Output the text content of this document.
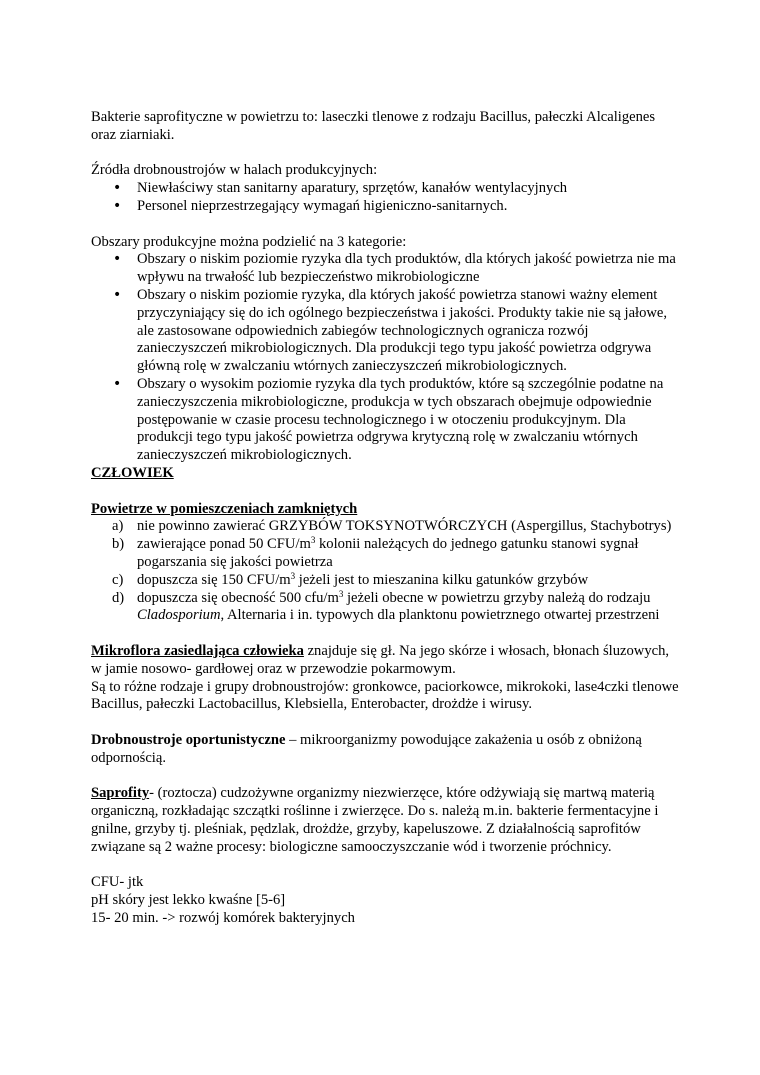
Bakterie saprofityczne w powietrzu to: laseczki tlenowe z rodzaju Bacillus, pałeczki Alcaligenes oraz ziarniaki.

Źródła drobnoustrojów w halach produkcyjnych:

• Niewłaściwy stan sanitarny aparatury, sprzętów, kanałów wentylacyjnych
• Personel nieprzestrzegający wymagań higieniczno-sanitarnych.

Obszary produkcyjne można podzielić na 3 kategorie:

• Obszary o niskim poziomie ryzyka dla tych produktów, dla których jakość powietrza nie ma wpływu na trwałość lub bezpieczeństwo mikrobiologiczne
• Obszary o niskim poziomie ryzyka, dla których jakość powietrza stanowi ważny element przyczyniający się do ich ogólnego bezpieczeństwa i jakości. Produkty takie nie są jałowe, ale zastosowane odpowiednich zabiegów technologicznych ogranicza rozwój zanieczyszczeń mikrobiologicznych. Dla produkcji tego typu jakość powietrza odgrywa główną rolę w zwalczaniu wtórnych zanieczyszczeń mikrobiologicznych.
• Obszary o wysokim poziomie ryzyka dla tych produktów, które są szczególnie podatne na zanieczyszczenia mikrobiologiczne, produkcja w tych obszarach obejmuje odpowiednie postępowanie w czasie procesu technologicznego i w otoczeniu produkcyjnym. Dla produkcji tego typu jakość powietrza odgrywa krytyczną rolę w zwalczaniu wtórnych zanieczyszczeń mikrobiologicznych.

CZŁOWIEK

Powietrze w pomieszczeniach zamkniętych

a) nie powinno zawierać GRZYBÓW TOKSYNOTWÓRCZYCH (Aspergillus, Stachybotrys)
b) zawierające ponad 50 CFU/$m^3$ kolonii należących do jednego gatunku stanowi sygnał pogarszania się jakości powietrza
c) dopuszcza się 150 CFU/$m^3$ jeżeli jest to mieszanina kilku gatunków grzybów
d) dopuszcza się obecność 500 cfu/$m^3$ jeżeli obecne w powietrzu grzyby należą do rodzaju Cladosporium, Alternaria i in. typowych dla planktonu powietrznego otwartej przestrzeni

Mikroflora zasiedlająca człowieka znajduje się gł. Na jego skórze i włosach, błonach śluzowych, w jamie nosowo- gardłowej oraz w przewodzie pokarmowym.

Są to różne rodzaje i grupy drobnoustrojów: gronkowce, paciorkowce, mikrokoki, lase4czki tlenowe Bacillus, pałeczki Lactobacillus, Klebsiella, Enterobacter, drożdże i wirusy.

Drobnoustroje oportunistyczne – mikroorganizmy powodujące zakażenia u osób z obniżoną odpornością.

Saprofity- (roztocza) cudzożywne organizmy niezwierzęce, które odżywiają się martwą materią organiczną, rozkładając szczątki roślinne i zwierzęce. Do s. należą m.in. bakterie fermentacyjne i gnilne, grzyby tj. pleśniak, pędzlak, drożdże, grzyby, kapeluszowe. Z działalnością saprofitów związane są 2 ważne procesy: biologiczne samooczyszczanie wód i tworzenie próchnicy.

CFU- jtk

pH skóry jest lekko kwaśne [5-6]

15- 20 min. -> rozwój komórek bakteryjnych
